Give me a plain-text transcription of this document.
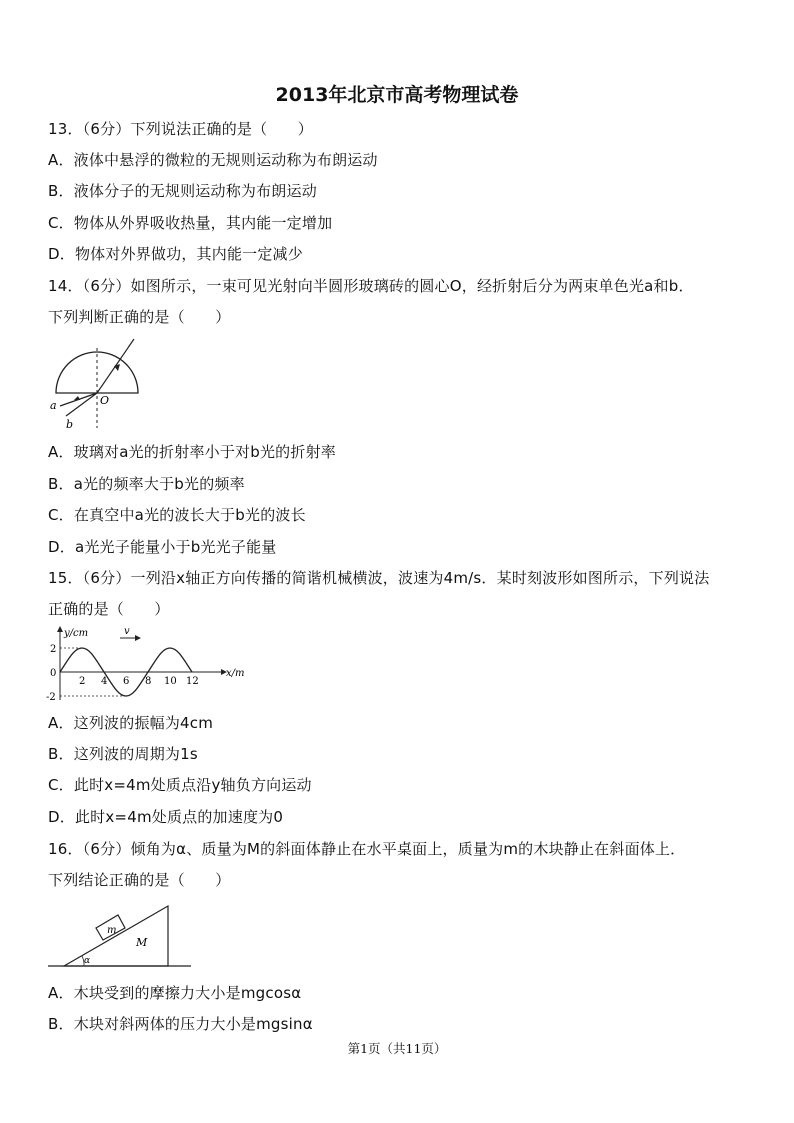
2013年北京市高考物理试卷
13．（6分）下列说法正确的是（　　）
A．液体中悬浮的微粒的无规则运动称为布朗运动
B．液体分子的无规则运动称为布朗运动
C．物体从外界吸收热量，其内能一定增加
D．物体对外界做功，其内能一定减少
14．（6分）如图所示，一束可见光射向半圆形玻璃砖的圆心O，经折射后分为两束单色光a和b．
下列判断正确的是（　　）
O
a
b
A．玻璃对a光的折射率小于对b光的折射率
B．a光的频率大于b光的频率
C．在真空中a光的波长大于b光的波长
D．a光光子能量小于b光光子能量
15．（6分）一列沿x轴正方向传播的简谐机械横波，波速为4m/s．某时刻波形如图所示，下列说法
正确的是（　　）
v
y/cm
x/m
2
0
-2
2 4 6 8 10 12
A．这列波的振幅为4cm
B．这列波的周期为1s
C．此时x=4m处质点沿y轴负方向运动
D．此时x=4m处质点的加速度为0
16．（6分）倾角为α、质量为M的斜面体静止在水平桌面上，质量为m的木块静止在斜面体上．
下列结论正确的是（　　）
m
M
α
A．木块受到的摩擦力大小是mgcosα
B．木块对斜两体的压力大小是mgsinα
第1页（共11页）
